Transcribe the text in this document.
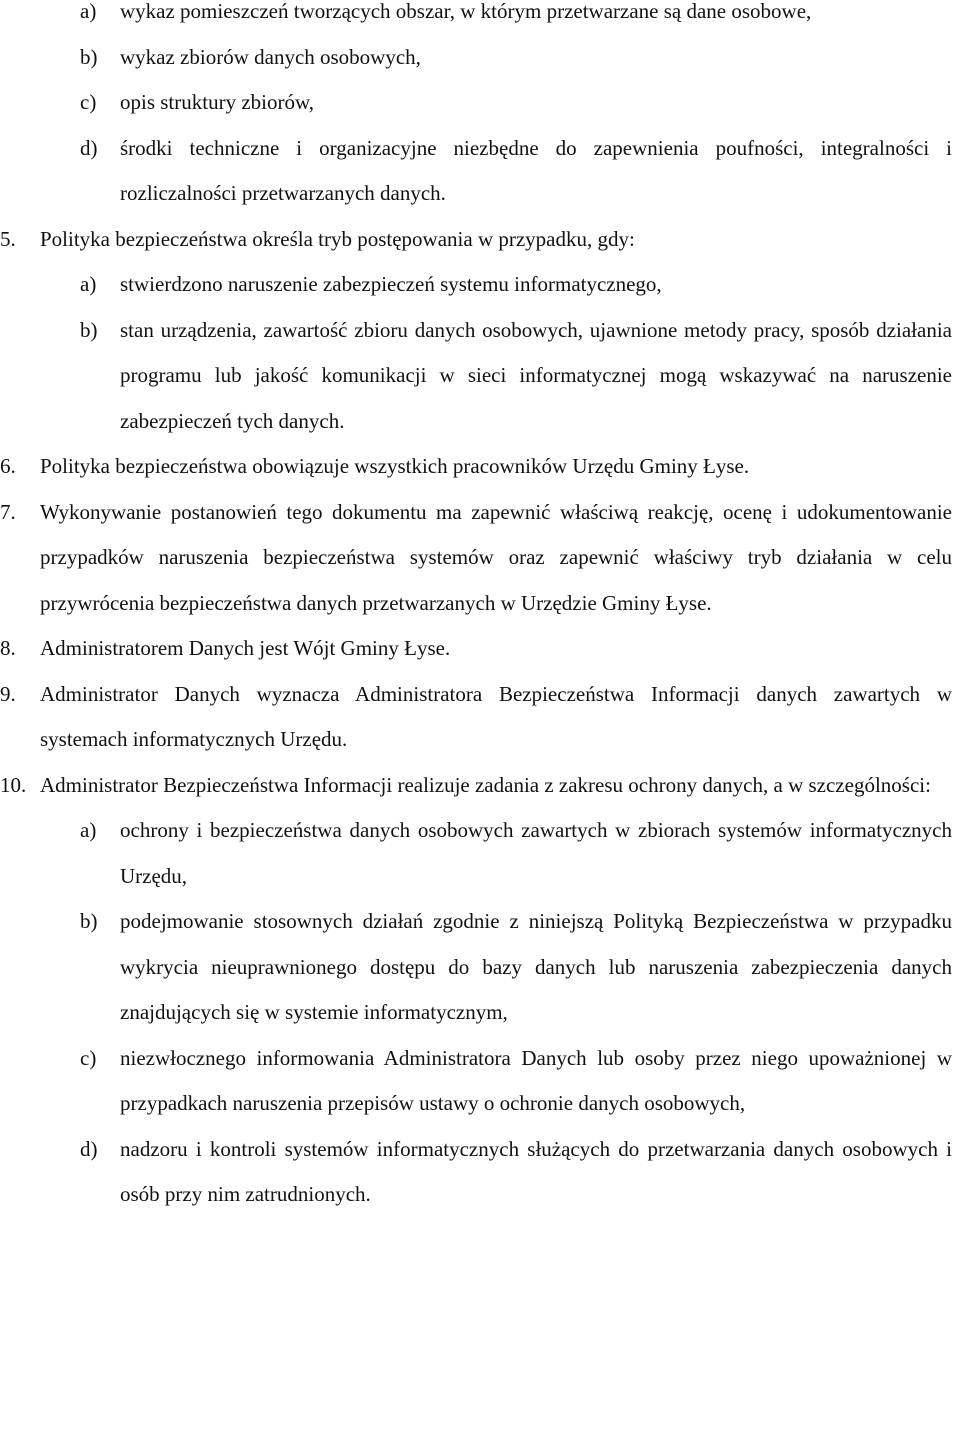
a) wykaz pomieszczeń tworzących obszar, w którym przetwarzane są dane osobowe,
b) wykaz zbiorów danych osobowych,
c) opis struktury zbiorów,
d) środki techniczne i organizacyjne niezbędne do zapewnienia poufności, integralności i rozliczalności przetwarzanych danych.
5. Polityka bezpieczeństwa określa tryb postępowania w przypadku, gdy:
a) stwierdzono naruszenie zabezpieczeń systemu informatycznego,
b) stan urządzenia, zawartość zbioru danych osobowych, ujawnione metody pracy, sposób działania programu lub jakość komunikacji w sieci informatycznej mogą wskazywać na naruszenie zabezpieczeń tych danych.
6. Polityka bezpieczeństwa obowiązuje wszystkich pracowników Urzędu Gminy Łyse.
7. Wykonywanie postanowień tego dokumentu ma zapewnić właściwą reakcję, ocenę i udokumentowanie przypadków naruszenia bezpieczeństwa systemów oraz zapewnić właściwy tryb działania w celu przywrócenia bezpieczeństwa danych przetwarzanych w Urzędzie Gminy Łyse.
8. Administratorem Danych jest Wójt Gminy Łyse.
9. Administrator Danych wyznacza Administratora Bezpieczeństwa Informacji danych zawartych w systemach informatycznych Urzędu.
10. Administrator Bezpieczeństwa Informacji realizuje zadania z zakresu ochrony danych, a w szczególności:
a) ochrony i bezpieczeństwa danych osobowych zawartych w zbiorach systemów informatycznych Urzędu,
b) podejmowanie stosownych działań zgodnie z niniejszą Polityką Bezpieczeństwa w przypadku wykrycia nieuprawnionego dostępu do bazy danych lub naruszenia zabezpieczenia danych znajdujących się w systemie informatycznym,
c) niezwłocznego informowania Administratora Danych lub osoby przez niego upoważnionej w przypadkach naruszenia przepisów ustawy o ochronie danych osobowych,
d) nadzoru i kontroli systemów informatycznych służących do przetwarzania danych osobowych i osób przy nim zatrudnionych.
